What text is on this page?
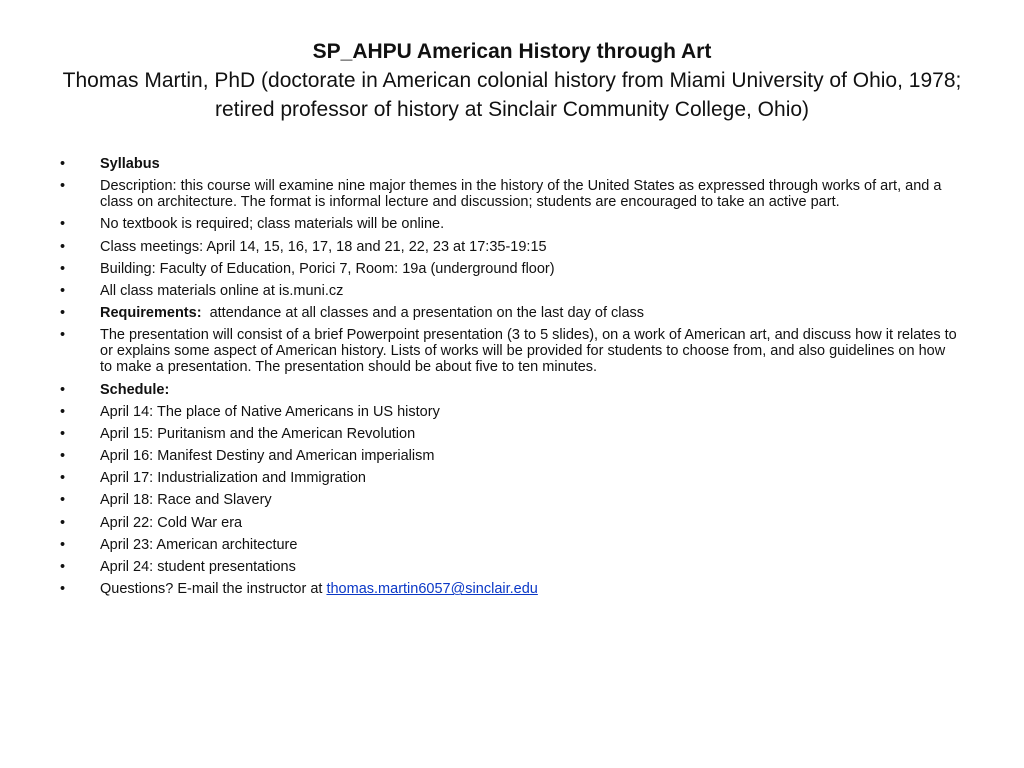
SP_AHPU American History through Art
Thomas Martin, PhD (doctorate in American colonial history from Miami University of Ohio, 1978; retired professor of history at Sinclair Community College, Ohio)
•	Syllabus
•	Description: this course will examine nine major themes in the history of the United States as expressed through works of art, and a class on architecture. The format is informal lecture and discussion; students are encouraged to take an active part.
•	No textbook is required; class materials will be online.
•	Class meetings: April 14, 15, 16, 17, 18 and 21, 22, 23 at 17:35-19:15
•	Building: Faculty of Education, Porici 7, Room: 19a (underground floor)
•	All class materials online at is.muni.cz
•	Requirements:  attendance at all classes and a presentation on the last day of class
•	The presentation will consist of a brief Powerpoint presentation (3 to 5 slides), on a work of American art, and discuss how it relates to or explains some aspect of American history. Lists of works will be provided for students to choose from, and also guidelines on how to make a presentation. The presentation should be about five to ten minutes.
•	Schedule:
•	April 14: The place of Native Americans in US history
•	April 15: Puritanism and the American Revolution
•	April 16: Manifest Destiny and American imperialism
•	April 17: Industrialization and Immigration
•	April 18: Race and Slavery
•	April 22: Cold War era
•	April 23: American architecture
•	April 24: student presentations
•	Questions? E-mail the instructor at thomas.martin6057@sinclair.edu
